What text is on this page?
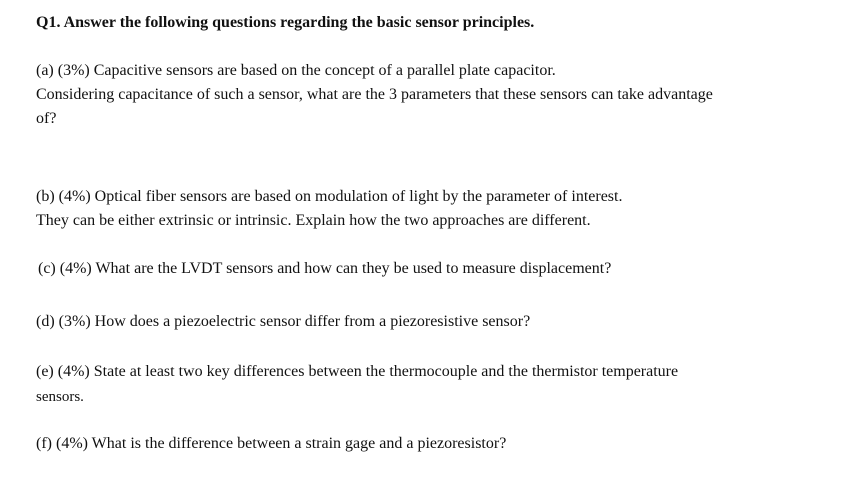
Q1. Answer the following questions regarding the basic sensor principles.
(a) (3%) Capacitive sensors are based on the concept of a parallel plate capacitor.
Considering capacitance of such a sensor, what are the 3 parameters that these sensors can take advantage
of?
(b) (4%) Optical fiber sensors are based on modulation of light by the parameter of interest.
They can be either extrinsic or intrinsic. Explain how the two approaches are different.
(c) (4%) What are the LVDT sensors and how can they be used to measure displacement?
(d) (3%) How does a piezoelectric sensor differ from a piezoresistive sensor?
(e) (4%) State at least two key differences between the thermocouple and the thermistor temperature
sensors.
(f) (4%) What is the difference between a strain gage and a piezoresistor?
